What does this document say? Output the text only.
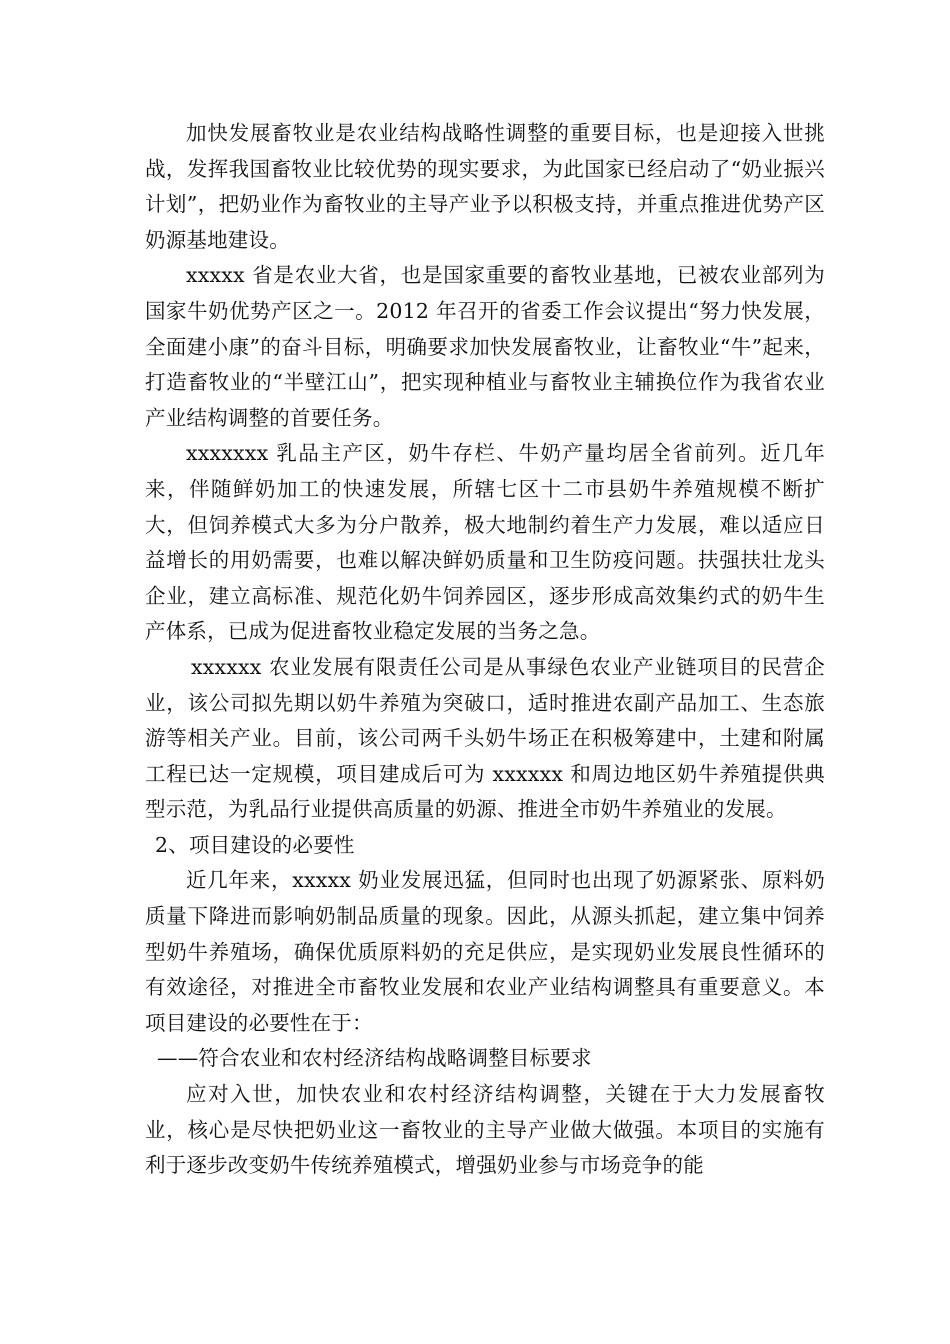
加快发展畜牧业是农业结构战略性调整的重要目标，也是迎接入世挑战，发挥我国畜牧业比较优势的现实要求，为此国家已经启动了“奶业振兴计划”，把奶业作为畜牧业的主导产业予以积极支持，并重点推进优势产区奶源基地建设。

xxxxx 省是农业大省，也是国家重要的畜牧业基地，已被农业部列为国家牛奶优势产区之一。2012 年召开的省委工作会议提出“努力快发展，全面建小康”的奋斗目标，明确要求加快发展畜牧业，让畜牧业“牛”起来，打造畜牧业的“半壁江山”，把实现种植业与畜牧业主辅换位作为我省农业产业结构调整的首要任务。

xxxxxxx 乳品主产区，奶牛存栏、牛奶产量均居全省前列。近几年来，伴随鲜奶加工的快速发展，所辖七区十二市县奶牛养殖规模不断扩大，但饲养模式大多为分户散养，极大地制约着生产力发展，难以适应日益增长的用奶需要，也难以解决鲜奶质量和卫生防疫问题。扶强扶壮龙头企业，建立高标准、规范化奶牛饲养园区，逐步形成高效集约式的奶牛生产体系，已成为促进畜牧业稳定发展的当务之急。

xxxxxx 农业发展有限责任公司是从事绿色农业产业链项目的民营企业，该公司拟先期以奶牛养殖为突破口，适时推进农副产品加工、生态旅游等相关产业。目前，该公司两千头奶牛场正在积极筹建中，土建和附属工程已达一定规模，项目建成后可为 xxxxxx 和周边地区奶牛养殖提供典型示范，为乳品行业提供高质量的奶源、推进全市奶牛养殖业的发展。

2、项目建设的必要性

近几年来，xxxxx 奶业发展迅猛，但同时也出现了奶源紧张、原料奶质量下降进而影响奶制品质量的现象。因此，从源头抓起，建立集中饲养型奶牛养殖场，确保优质原料奶的充足供应，是实现奶业发展良性循环的有效途径，对推进全市畜牧业发展和农业产业结构调整具有重要意义。本项目建设的必要性在于：

——符合农业和农村经济结构战略调整目标要求

应对入世，加快农业和农村经济结构调整，关键在于大力发展畜牧业，核心是尽快把奶业这一畜牧业的主导产业做大做强。本项目的实施有利于逐步改变奶牛传统养殖模式，增强奶业参与市场竞争的能
